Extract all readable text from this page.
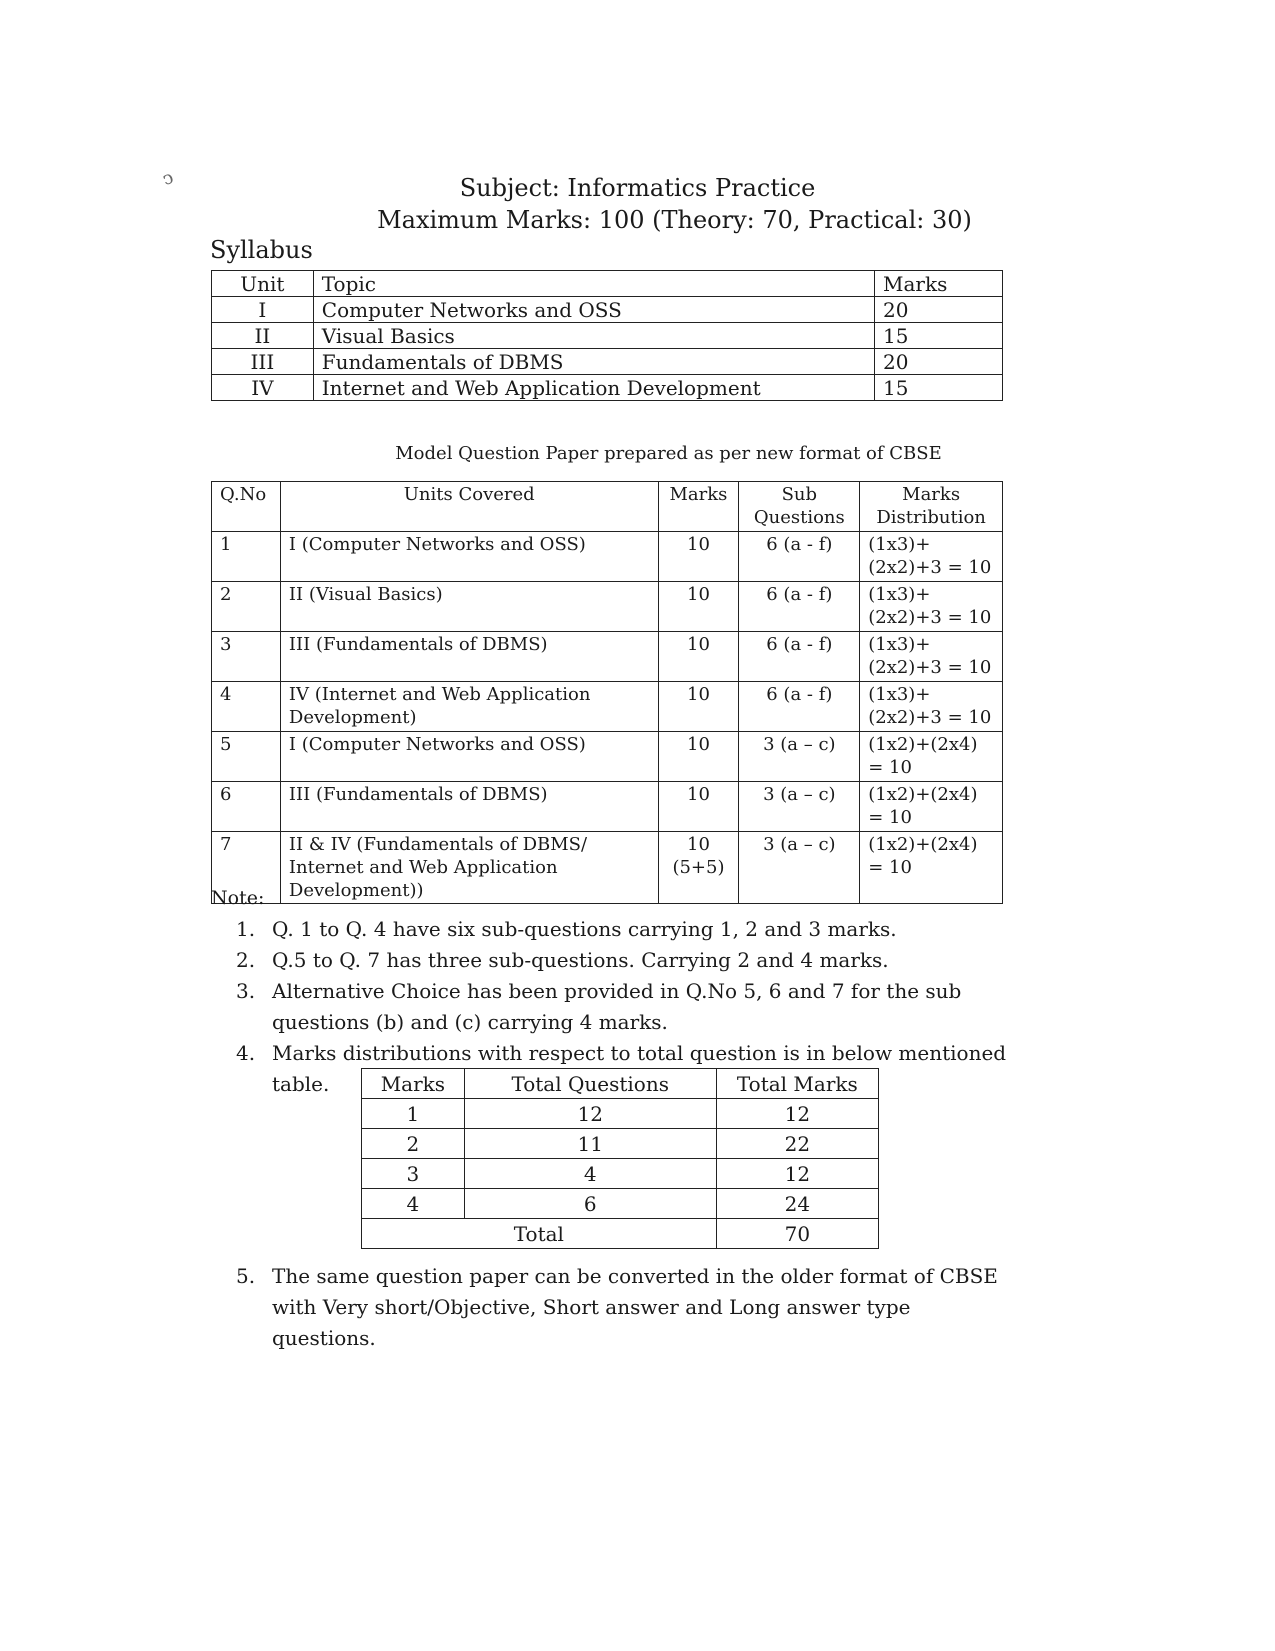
ↄ	Subject: Informatics Practice
Maximum Marks: 100 (Theory: 70, Practical: 30)
Syllabus
Unit	Topic	Marks
I	Computer Networks and OSS	20
II	Visual Basics	15
III	Fundamentals of DBMS	20
IV	Internet and Web Application Development	15
Model Question Paper prepared as per new format of CBSE
Q.No	Units Covered	Marks	Sub Questions	Marks Distribution
1	I (Computer Networks and OSS)	10	6 (a - f)	(1x3)+(2x2)+3 = 10
2	II (Visual Basics)	10	6 (a - f)	(1x3)+(2x2)+3 = 10
3	III (Fundamentals of DBMS)	10	6 (a - f)	(1x3)+(2x2)+3 = 10
4	IV (Internet and Web Application Development)	10	6 (a - f)	(1x3)+(2x2)+3 = 10
5	I (Computer Networks and OSS)	10	3 (a – c)	(1x2)+(2x4) = 10
6	III (Fundamentals of DBMS)	10	3 (a – c)	(1x2)+(2x4) = 10
7	II & IV (Fundamentals of DBMS/ Internet and Web Application Development))	10 (5+5)	3 (a – c)	(1x2)+(2x4) = 10
Note:
1. Q. 1 to Q. 4 have six sub-questions carrying 1, 2 and 3 marks.
2. Q.5 to Q. 7 has three sub-questions. Carrying 2 and 4 marks.
3. Alternative Choice has been provided in Q.No 5, 6 and 7 for the sub questions (b) and (c) carrying 4 marks.
4. Marks distributions with respect to total question is in below mentioned table.	Marks	Total Questions	Total Marks
1	12	12
2	11	22
3	4	12
4	6	24
Total		70
5. The same question paper can be converted in the older format of CBSE with Very short/Objective, Short answer and Long answer type questions.
